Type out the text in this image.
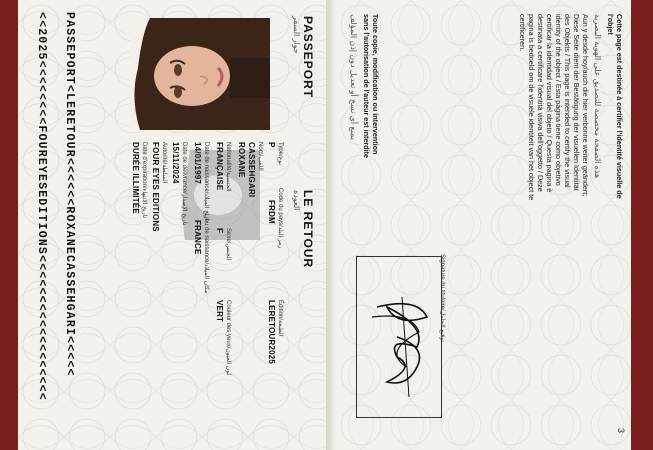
PASSEPORT<LERETOUR<<<<<<ROXANECASSEHGARI<<<<<
<<2025<<<<<<<<FOUREYESEDITIONS<<<<<<<<<<<<<<<<<<	PASSEPORT
جواز السفر
LE RETOUR
العودة
Type/نوع
P
Code du pays/رمز البلد
FRDM
Nom/اللقب
CASSEHGARI
ROXANE
Nationalité/الجنسية
FRANÇAISE
Sexe/الجنس
F
Date de naissance/تاريخ الميلاد
14/01/1997
Lieu de naissance/مكان الميلاد
FRANCE
Date de délivrance/تاريخ الإصدار
15/11/2024
Autorité/السلطة
FOUR EYES EDITIONS
Date d'expiration/تاريخ الانتهاء
DURÉE ILLIMITÉE
Édition/الطبعة
LERETOUR2025
Couleur des yeux/لون العيون
VERT
Cette page est destinée à certifier l'identité visuelle de l'objet
هذه الصفحة مخصصة للتصديق على الهوية البصرية
Aun y desde hoy/auch die hier verbonne weiter geändert; Diese Seite dient der Bestätigung der visuellen Identität des Objekts / This page is intended to certify the visual identity of the object / Esta página tiene como objetivo certificar la identidad visual del objeto / Questa pagina è destinata a certificare l'identità visiva dell'oggetto / Deze pagina is bedoeld om de visuele identiteit van het object te certificeren.
Toute copie, modification ou intervention sans l'autorisation de l'auteur est interdite
يمنع أي نسخ أو تعديل دون إذن المؤلف
Signature du titulaire/توقيع الحامل
3
